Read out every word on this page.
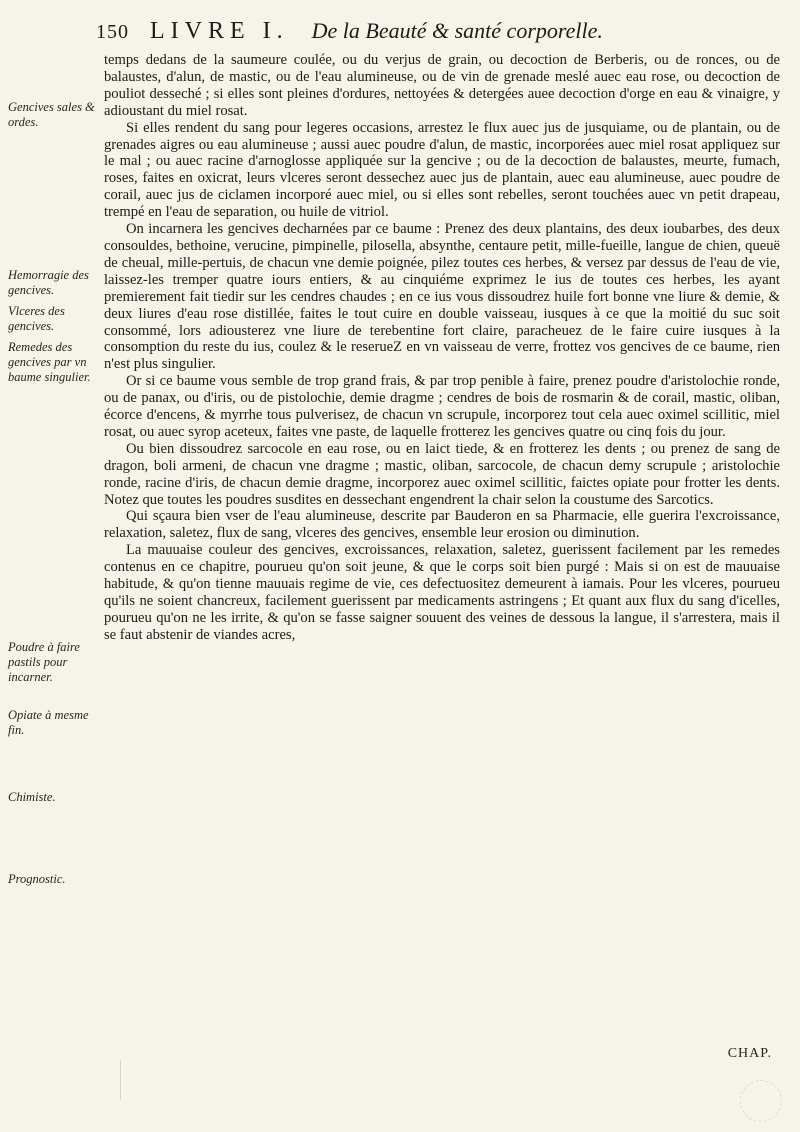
150 LIVRE I. De la Beauté & santé corporelle.
Gencives sales & ordes.
Hemorragie des gencives.
Vlceres des gencives.
Remedes des gencives par vn baume singulier.
Poudre à faire pastils pour incarner.
Opiate à mesme fin.
Chimiste.
Prognostic.

temps dedans de la saumeure coulée, ou du verjus de grain, ou decoction de Berberis, ou de ronces, ou de balaustes, d'alun, de mastic, ou de l'eau alumineuse, ou de vin de grenade meslé auec eau rose, ou decoction de pouliot desseché ; si elles sont pleines d'ordures, nettoyées & detergées auee decoction d'orge en eau & vinaigre, y adioustant du miel rosat.

Si elles rendent du sang pour legeres occasions, arrestez le flux auec jus de jusquiame, ou de plantain, ou de grenades aigres ou eau alumineuse ; aussi auec poudre d'alun, de mastic, incorporées auec miel rosat appliquez sur le mal ; ou auec racine d'arnoglosse appliquée sur la gencive ; ou de la decoction de balaustes, meurte, fumach, roses, faites en oxicrat, leurs vlceres seront dessechez auec jus de plantain, auec eau alumineuse, auec poudre de corail, auec jus de ciclamen incorporé auec miel, ou si elles sont rebelles, seront touchées auec vn petit drapeau, trempé en l'eau de separation, ou huile de vitriol.

On incarnera les gencives decharnées par ce baume : Prenez des deux plantains, des deux ioubarbes, des deux consouldes, bethoine, verucine, pimpinelle, pilosella, absynthe, centaure petit, mille-fueille, langue de chien, queuë de cheual, mille-pertuis, de chacun vne demie poignée, pilez toutes ces herbes, & versez par dessus de l'eau de vie, laissez-les tremper quatre iours entiers, & au cinquiéme exprimez le ius de toutes ces herbes, les ayant premierement fait tiedir sur les cendres chaudes ; en ce ius vous dissoudrez huile fort bonne vne liure & demie, & deux liures d'eau rose distillée, faites le tout cuire en double vaisseau, iusques à ce que la moitié du suc soit consommé, lors adiousterez vne liure de terebentine fort claire, paracheuez de le faire cuire iusques à la consomption du reste du ius, coulez & le reserueZ en vn vaisseau de verre, frottez vos gencives de ce baume, rien n'est plus singulier.

Or si ce baume vous semble de trop grand frais, & par trop penible à faire, prenez poudre d'aristolochie ronde, ou de panax, ou d'iris, ou de pistolochie, demie dragme ; cendres de bois de rosmarin & de corail, mastic, oliban, écorce d'encens, & myrrhe tous pulverisez, de chacun vn scrupule, incorporez tout cela auec oximel scillitic, miel rosat, ou auec syrop aceteux, faites vne paste, de laquelle frotterez les gencives quatre ou cinq fois du jour.

Ou bien dissoudrez sarcocole en eau rose, ou en laict tiede, & en frotterez les dents ; ou prenez de sang de dragon, boli armeni, de chacun vne dragme ; mastic, oliban, sarcocole, de chacun demy scrupule ; aristolochie ronde, racine d'iris, de chacun demie dragme, incorporez auec oximel scillitic, faictes opiate pour frotter les dents. Notez que toutes les poudres susdites en dessechant engendrent la chair selon la coustume des Sarcotics.

Qui sçaura bien vser de l'eau alumineuse, descrite par Bauderon en sa Pharmacie, elle guerira l'excroissance, relaxation, saletez, flux de sang, vlceres des gencives, ensemble leur erosion ou diminution.

La mauuaise couleur des gencives, excroissances, relaxation, saletez, guerissent facilement par les remedes contenus en ce chapitre, pourueu qu'on soit jeune, & que le corps soit bien purgé : Mais si on est de mauuaise habitude, & qu'on tienne mauuais regime de vie, ces defectuositez demeurent à iamais. Pour les vlceres, pourueu qu'ils ne soient chancreux, facilement guerissent par medicaments astringens ; Et quant aux flux du sang d'icelles, pourueu qu'on ne les irrite, & qu'on se fasse saigner souuent des veines de dessous la langue, il s'arrestera, mais il se faut abstenir de viandes acres,

CHAP.
